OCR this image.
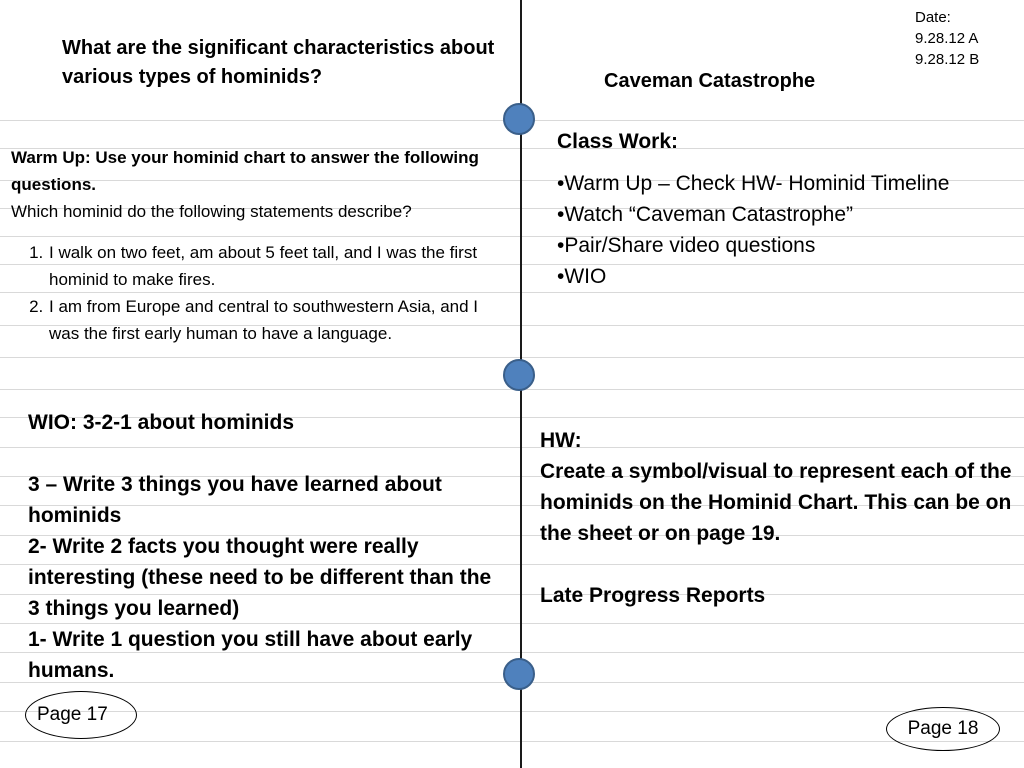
What are the significant characteristics about various types of hominids?
Warm Up: Use your hominid chart to answer the following questions.
Which hominid do the following statements describe?
1. I walk on two feet, am about 5 feet tall, and I was the first hominid to make fires.
2. I am from Europe and central to southwestern Asia, and I was the first early human to have a language.
WIO: 3-2-1 about hominids
3 – Write 3 things you have learned about hominids
2- Write 2 facts you thought were really interesting (these need to be different than the 3 things you learned)
1- Write 1 question you still have about early humans.
Page 17
Date:
9.28.12 A
9.28.12 B
Caveman Catastrophe
Class Work:
•Warm Up – Check HW- Hominid Timeline
•Watch “Caveman Catastrophe”
•Pair/Share video questions
•WIO
HW:
Create a symbol/visual to represent each of the hominids on the Hominid Chart. This can be on the sheet or on page 19.
Late Progress Reports
Page 18
